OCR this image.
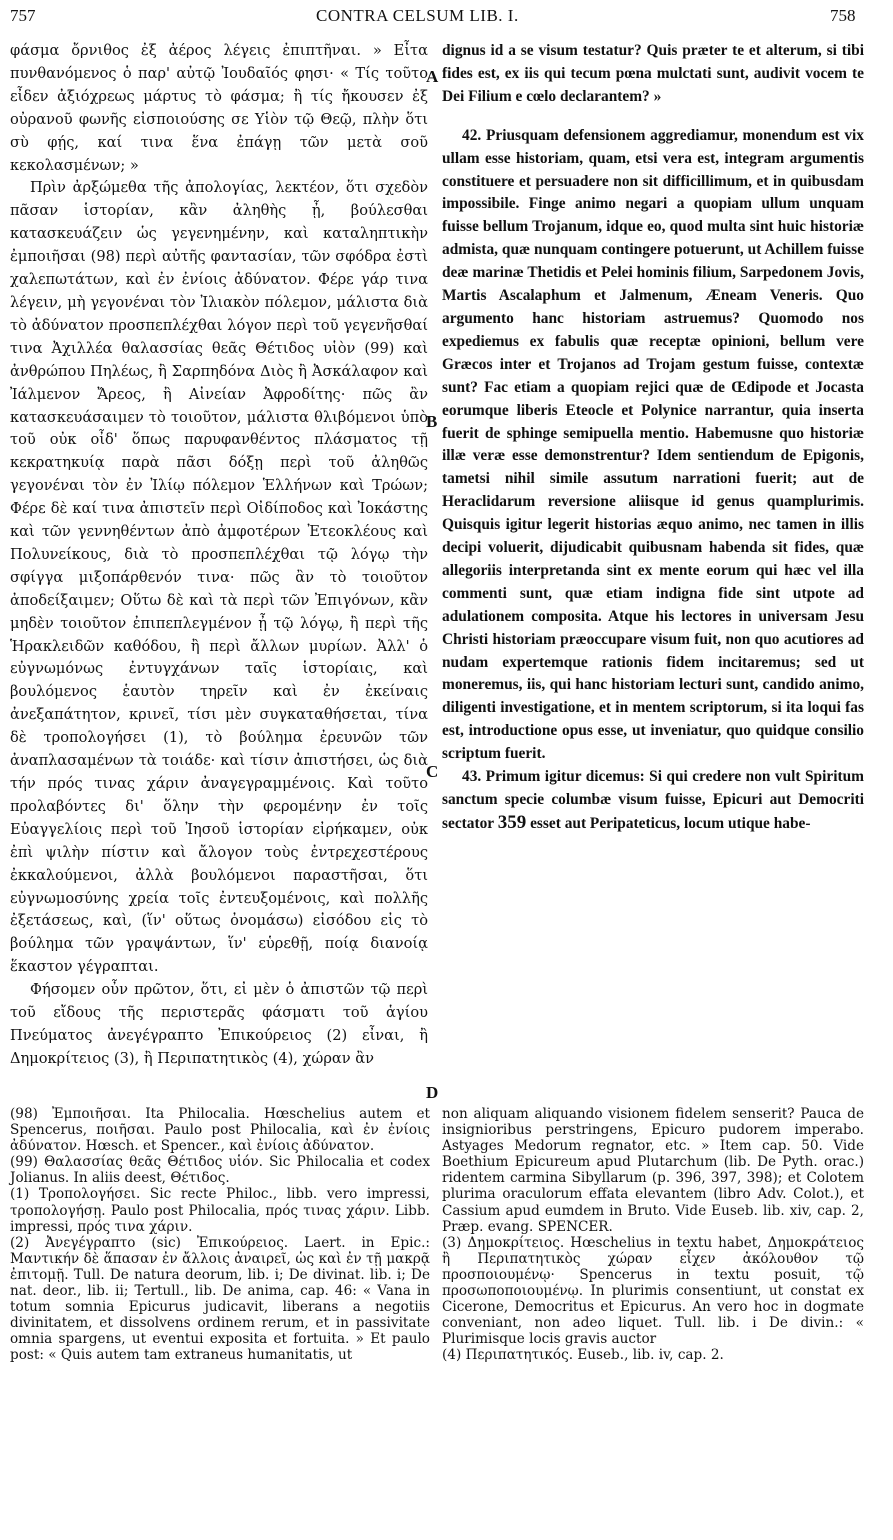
757	CONTRA CELSUM LIB. I.	758
A
B
C
D

φάσμα ὄρνιθος ἐξ ἀέρος λέγεις ἐπιπτῆναι. » Εἶτα πυνθανόμενος ὁ παρ' αὐτῷ Ἰουδαῖός φησι· « Τίς τοῦτο εἶδεν ἀξιόχρεως μάρτυς τὸ φάσμα; ἢ τίς ἤκουσεν ἐξ οὐρανοῦ φωνῆς εἰσποιούσης σε Υἱὸν τῷ Θεῷ, πλὴν ὅτι σὺ φῄς, καί τινα ἕνα ἐπάγῃ τῶν μετὰ σοῦ κεκολασμένων; »

Πρὶν ἀρξώμεθα τῆς ἀπολογίας, λεκτέον, ὅτι σχεδὸν πᾶσαν ἱστορίαν, κἂν ἀληθὴς ᾖ, βούλεσθαι κατασκευάζειν ὡς γεγενημένην, καὶ καταληπτικὴν ἐμποιῆσαι (98) περὶ αὐτῆς φαντασίαν, τῶν σφόδρα ἐστὶ χαλεπωτάτων, καὶ ἐν ἐνίοις ἀδύνατον. Φέρε γάρ τινα λέγειν, μὴ γεγονέναι τὸν Ἰλιακὸν πόλεμον, μάλιστα διὰ τὸ ἀδύνατον προσπεπλέχθαι λόγον περὶ τοῦ γεγενῆσθαί τινα Ἀχιλλέα θαλασσίας θεᾶς Θέτιδος υἱὸν (99) καὶ ἀνθρώπου Πηλέως, ἢ Σαρπηδόνα Διὸς ἢ Ἀσκάλαφον καὶ Ἰάλμενον Ἄρεος, ἢ Αἰνείαν Ἀφροδίτης· πῶς ἂν κατασκευάσαιμεν τὸ τοιοῦτον, μάλιστα θλιβόμενοι ὑπὸ τοῦ οὐκ οἶδ' ὅπως παρυφανθέντος πλάσματος τῇ κεκρατηκυίᾳ παρὰ πᾶσι δόξῃ περὶ τοῦ ἀληθῶς γεγονέναι τὸν ἐν Ἰλίῳ πόλεμον Ἑλλήνων καὶ Τρώων; Φέρε δὲ καί τινα ἀπιστεῖν περὶ Οἰδίποδος καὶ Ἰοκάστης καὶ τῶν γεννηθέντων ἀπὸ ἀμφοτέρων Ἐτεοκλέους καὶ Πολυνείκους, διὰ τὸ προσπεπλέχθαι τῷ λόγῳ τὴν σφίγγα μιξοπάρθενόν τινα· πῶς ἂν τὸ τοιοῦτον ἀποδείξαιμεν; Οὕτω δὲ καὶ τὰ περὶ τῶν Ἐπιγόνων, κἂν μηδὲν τοιοῦτον ἐπιπεπλεγμένον ᾖ τῷ λόγῳ, ἢ περὶ τῆς Ἡρακλειδῶν καθόδου, ἢ περὶ ἄλλων μυρίων. Ἀλλ' ὁ εὐγνωμόνως ἐντυγχάνων ταῖς ἱστορίαις, καὶ βουλόμενος ἑαυτὸν τηρεῖν καὶ ἐν ἐκείναις ἀνεξαπάτητον, κρινεῖ, τίσι μὲν συγκαταθήσεται, τίνα δὲ τροπολογήσει (1), τὸ βούλημα ἐρευνῶν τῶν ἀναπλασαμένων τὰ τοιάδε· καὶ τίσιν ἀπιστήσει, ὡς διὰ τήν πρός τινας χάριν ἀναγεγραμμένοις. Καὶ τοῦτο προλαβόντες δι' ὅλην τὴν φερομένην ἐν τοῖς Εὐαγγελίοις περὶ τοῦ Ἰησοῦ ἱστορίαν εἰρήκαμεν, οὐκ ἐπὶ ψιλὴν πίστιν καὶ ἄλογον τοὺς ἐντρεχεστέρους ἐκκαλούμενοι, ἀλλὰ βουλόμενοι παραστῆσαι, ὅτι εὐγνωμοσύνης χρεία τοῖς ἐντευξομένοις, καὶ πολλῆς ἐξετάσεως, καὶ, (ἵν' οὕτως ὀνομάσω) εἰσόδου εἰς τὸ βούλημα τῶν γραψάντων, ἵν' εὑρεθῇ, ποίᾳ διανοίᾳ ἕκαστον γέγραπται.

Φήσομεν οὖν πρῶτον, ὅτι, εἰ μὲν ὁ ἀπιστῶν τῷ περὶ τοῦ εἴδους τῆς περιστερᾶς φάσματι τοῦ ἁγίου Πνεύματος ἀνεγέγραπτο Ἐπικούρειος (2) εἶναι, ἢ Δημοκρίτειος (3), ἢ Περιπατητικὸς (4), χώραν ἂν

dignus id a se visum testatur? Quis præter te et alterum, si tibi fides est, ex iis qui tecum pœna mulctati sunt, audivit vocem te Dei Filium e cœlo declarantem? »

42. Priusquam defensionem aggrediamur, monendum est vix ullam esse historiam, quam, etsi vera est, integram argumentis constituere et persuadere non sit difficillimum, et in quibusdam impossibile. Finge animo negari a quopiam ullum unquam fuisse bellum Trojanum, idque eo, quod multa sint huic historiæ admista, quæ nunquam contingere potuerunt, ut Achillem fuisse deæ marinæ Thetidis et Pelei hominis filium, Sarpedonem Jovis, Martis Ascalaphum et Jalmenum, Æneam Veneris. Quo argumento hanc historiam astruemus? Quomodo nos expediemus ex fabulis quæ receptæ opinioni, bellum vere Græcos inter et Trojanos ad Trojam gestum fuisse, contextæ sunt? Fac etiam a quopiam rejici quæ de Œdipode et Jocasta eorumque liberis Eteocle et Polynice narrantur, quia inserta fuerit de sphinge semipuella mentio. Habemusne quo historiæ illæ veræ esse demonstrentur? Idem sentiendum de Epigonis, tametsi nihil simile assutum narrationi fuerit; aut de Heraclidarum reversione aliisque id genus quamplurimis. Quisquis igitur legerit historias æquo animo, nec tamen in illis decipi voluerit, dijudicabit quibusnam habenda sit fides, quæ allegoriis interpretanda sint ex mente eorum qui hæc vel illa commenti sunt, quæ etiam indigna fide sint utpote ad adulationem composita. Atque his lectores in universam Jesu Christi historiam præoccupare visum fuit, non quo acutiores ad nudam expertemque rationis fidem incitaremus; sed ut moneremus, iis, qui hanc historiam lecturi sunt, candido animo, diligenti investigatione, et in mentem scriptorum, si ita loqui fas est, introductione opus esse, ut inveniatur, quo quidque consilio scriptum fuerit.

43. Primum igitur dicemus: Si qui credere non vult Spiritum sanctum specie columbæ visum fuisse, Epicuri aut Democriti sectator 359 esset aut Peripateticus, locum utique habe-

(98) Ἐμποιῆσαι. Ita Philocalia. Hœschelius autem et Spencerus, ποιῆσαι. Paulo post Philocalia, καὶ ἐν ἐνίοις ἀδύνατον. Hœsch. et Spencer., καὶ ἐνίοις ἀδύνατον.

(99) Θαλασσίας θεᾶς Θέτιδος υἱόν. Sic Philocalia et codex Jolianus. In aliis deest, Θέτιδος.

(1) Τροπολογήσει. Sic recte Philoc., libb. vero impressi, τροπολογήσῃ. Paulo post Philocalia, πρός τινας χάριν. Libb. impressi, πρός τινα χάριν.

(2) Ἀνεγέγραπτο (sic) Ἐπικούρειος. Laert. in Epic.: Μαντικήν δὲ ἅπασαν ἐν ἄλλοις ἀναιρεῖ, ὡς καὶ ἐν τῇ μακρᾷ ἐπιτομῇ. Tull. De natura deorum, lib. i; De divinat. lib. i; De nat. deor., lib. ii; Tertull., lib. De anima, cap. 46: « Vana in totum somnia Epicurus judicavit, liberans a negotiis divinitatem, et dissolvens ordinem rerum, et in passivitate omnia spargens, ut eventui exposita et fortuita. » Et paulo post: « Quis autem tam extraneus humanitatis, ut

non aliquam aliquando visionem fidelem senserit? Pauca de insignioribus perstringens, Epicuro pudorem imperabo. Astyages Medorum regnator, etc. » Item cap. 50. Vide Boethium Epicureum apud Plutarchum (lib. De Pyth. orac.) ridentem carmina Sibyllarum (p. 396, 397, 398); et Colotem plurima oraculorum effata elevantem (libro Adv. Colot.), et Cassium apud eumdem in Bruto. Vide Euseb. lib. xiv, cap. 2, Præp. evang. SPENCER.

(3) Δημοκρίτειος. Hœschelius in textu habet, Δημοκράτειος ἢ Περιπατητικὸς χώραν εἶχεν ἀκόλουθον τῷ προσποιουμένῳ· Spencerus in textu posuit, τῷ προσωποποιουμένῳ. In plurimis consentiunt, ut constat ex Cicerone, Democritus et Epicurus. An vero hoc in dogmate conveniant, non adeo liquet. Tull. lib. i De divin.: « Plurimisque locis gravis auctor

(4) Περιπατητικός. Euseb., lib. iv, cap. 2.
